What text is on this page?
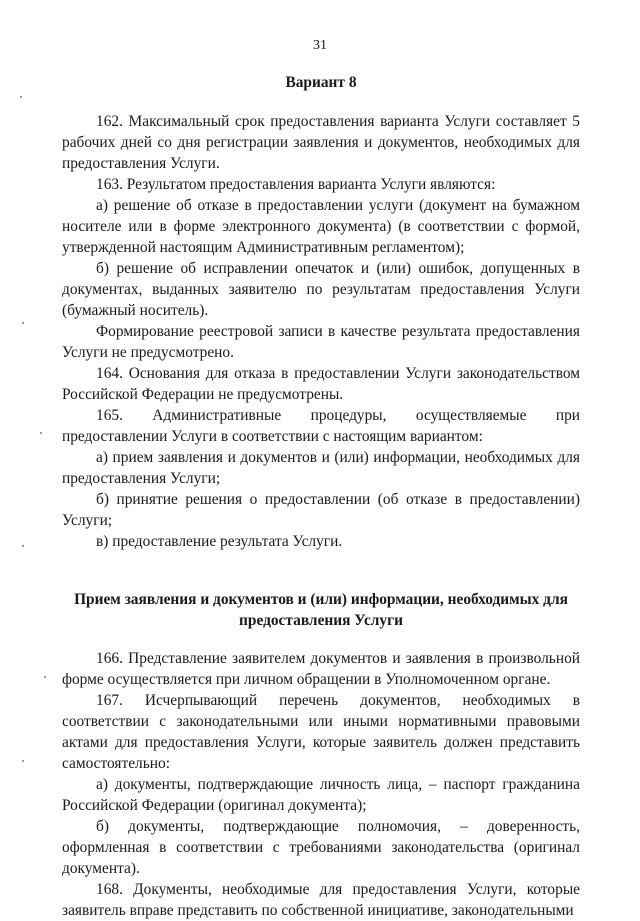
31

Вариант 8

162. Максимальный срок предоставления варианта Услуги составляет 5 рабочих дней со дня регистрации заявления и документов, необходимых для предоставления Услуги.

163. Результатом предоставления варианта Услуги являются:

а) решение об отказе в предоставлении услуги (документ на бумажном носителе или в форме электронного документа) (в соответствии с формой, утвержденной настоящим Административным регламентом);

б) решение об исправлении опечаток и (или) ошибок, допущенных в документах, выданных заявителю по результатам предоставления Услуги (бумажный носитель).

Формирование реестровой записи в качестве результата предоставления Услуги не предусмотрено.

164. Основания для отказа в предоставлении Услуги законодательством Российской Федерации не предусмотрены.

165. Административные процедуры, осуществляемые при предоставлении Услуги в соответствии с настоящим вариантом:

а) прием заявления и документов и (или) информации, необходимых для предоставления Услуги;

б) принятие решения о предоставлении (об отказе в предоставлении) Услуги;

в) предоставление результата Услуги.

Прием заявления и документов и (или) информации, необходимых для предоставления Услуги

166. Представление заявителем документов и заявления в произвольной форме осуществляется при личном обращении в Уполномоченном органе.

167. Исчерпывающий перечень документов, необходимых в соответствии с законодательными или иными нормативными правовыми актами для предоставления Услуги, которые заявитель должен представить самостоятельно:

а) документы, подтверждающие личность лица, – паспорт гражданина Российской Федерации (оригинал документа);

б) документы, подтверждающие полномочия, – доверенность, оформленная в соответствии с требованиями законодательства (оригинал документа).

168. Документы, необходимые для предоставления Услуги, которые заявитель вправе представить по собственной инициативе, законодательными
